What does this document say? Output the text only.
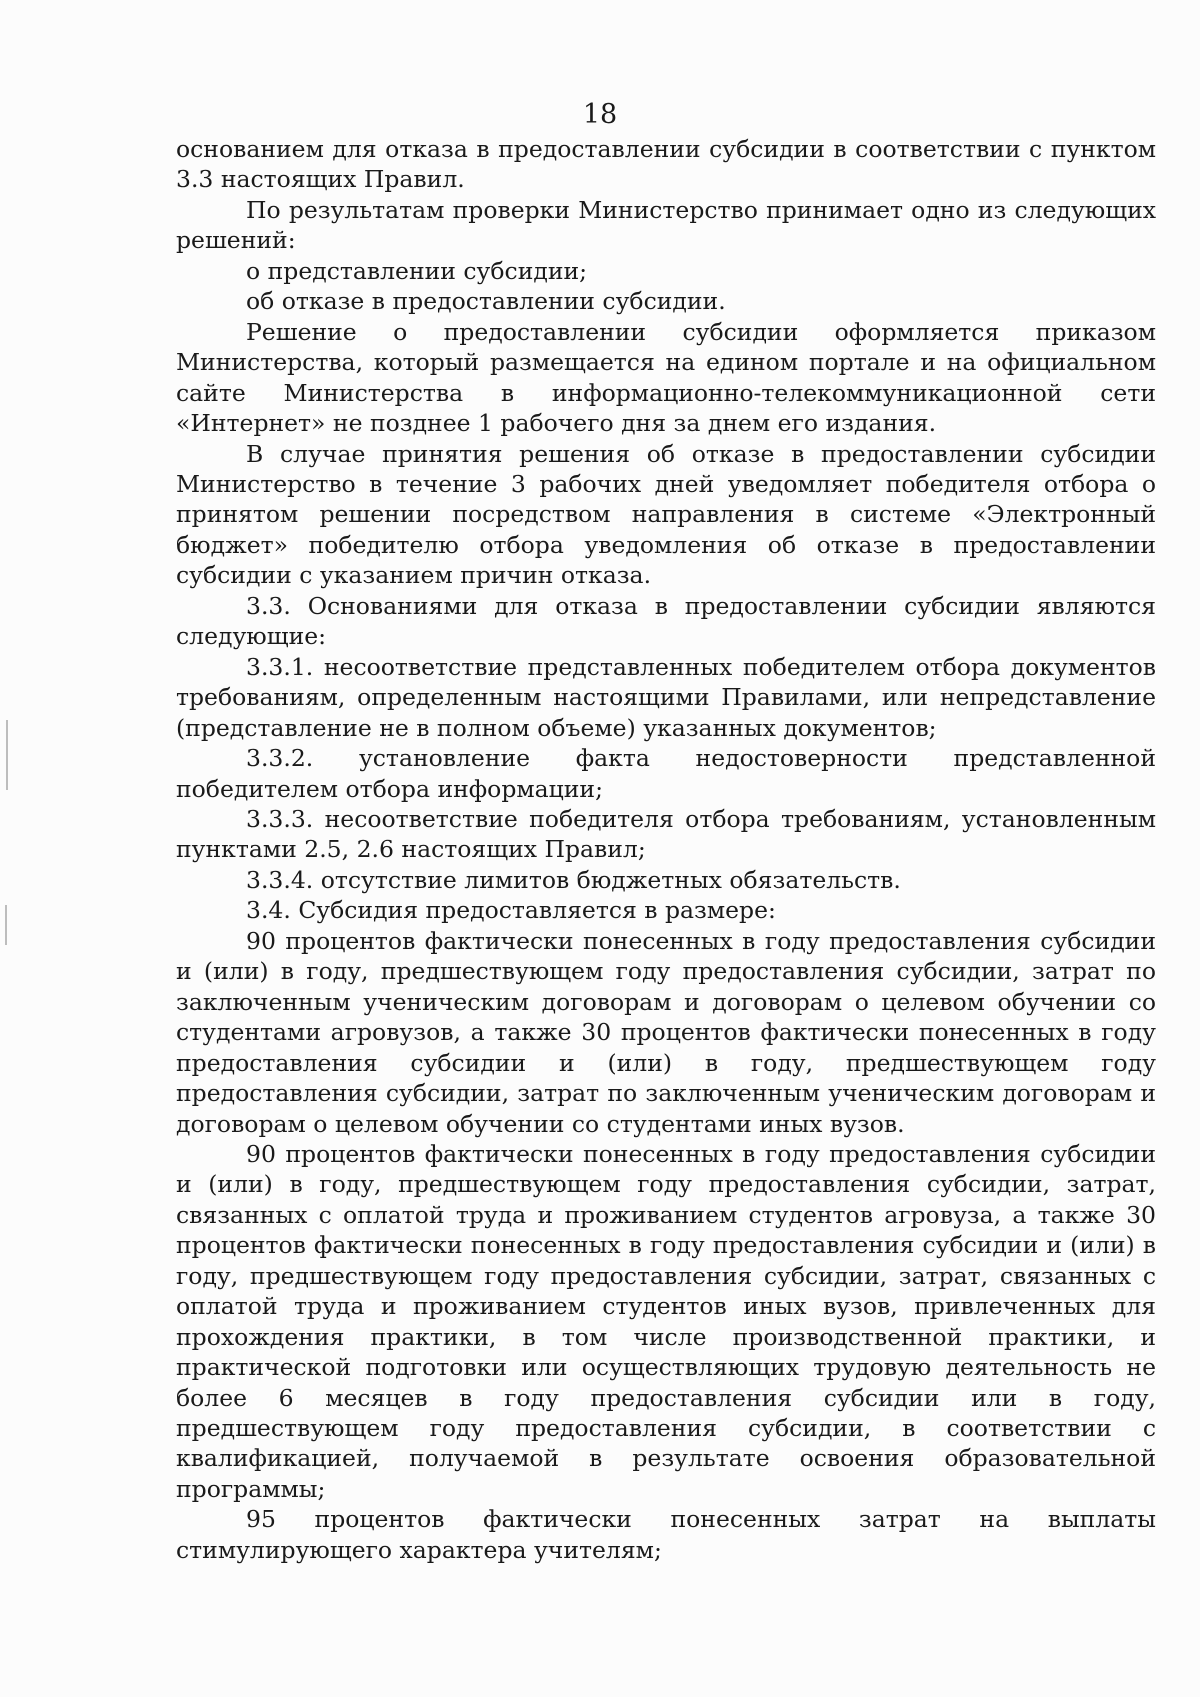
18

основанием для отказа в предоставлении субсидии в соответствии с пунктом 3.3 настоящих Правил.

По результатам проверки Министерство принимает одно из следующих решений:

о представлении субсидии;

об отказе в предоставлении субсидии.

Решение о предоставлении субсидии оформляется приказом Министерства, который размещается на едином портале и на официальном сайте Министерства в информационно-телекоммуникационной сети «Интернет» не позднее 1 рабочего дня за днем его издания.

В случае принятия решения об отказе в предоставлении субсидии Министерство в течение 3 рабочих дней уведомляет победителя отбора о принятом решении посредством направления в системе «Электронный бюджет» победителю отбора уведомления об отказе в предоставлении субсидии с указанием причин отказа.

3.3. Основаниями для отказа в предоставлении субсидии являются следующие:

3.3.1. несоответствие представленных победителем отбора документов требованиям, определенным настоящими Правилами, или непредставление (представление не в полном объеме) указанных документов;

3.3.2. установление факта недостоверности представленной победителем отбора информации;

3.3.3. несоответствие победителя отбора требованиям, установленным пунктами 2.5, 2.6 настоящих Правил;

3.3.4. отсутствие лимитов бюджетных обязательств.

3.4. Субсидия предоставляется в размере:

90 процентов фактически понесенных в году предоставления субсидии и (или) в году, предшествующем году предоставления субсидии, затрат по заключенным ученическим договорам и договорам о целевом обучении со студентами агровузов, а также 30 процентов фактически понесенных в году предоставления субсидии и (или) в году, предшествующем году предоставления субсидии, затрат по заключенным ученическим договорам и договорам о целевом обучении со студентами иных вузов.

90 процентов фактически понесенных в году предоставления субсидии и (или) в году, предшествующем году предоставления субсидии, затрат, связанных с оплатой труда и проживанием студентов агровуза, а также 30 процентов фактически понесенных в году предоставления субсидии и (или) в году, предшествующем году предоставления субсидии, затрат, связанных с оплатой труда и проживанием студентов иных вузов, привлеченных для прохождения практики, в том числе производственной практики, и практической подготовки или осуществляющих трудовую деятельность не более 6 месяцев в году предоставления субсидии или в году, предшествующем году предоставления субсидии, в соответствии с квалификацией, получаемой в результате освоения образовательной программы;

95 процентов фактически понесенных затрат на выплаты стимулирующего характера учителям;
